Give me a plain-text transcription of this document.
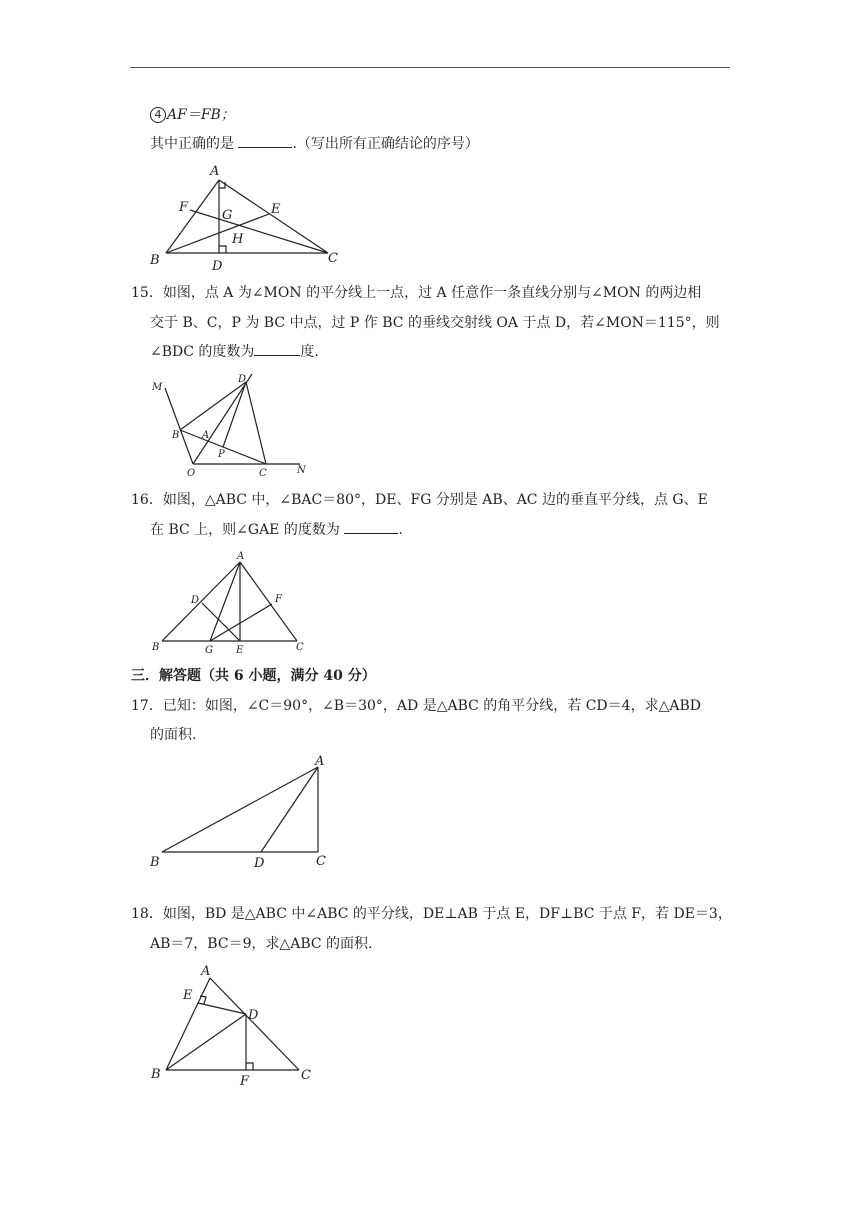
4 AF＝FB；
其中正确的是	.（写出所有正确结论的序号）
A
F
G	E
H
B	D
C
15．如图，点 A 为∠MON 的平分线上一点，过 A 任意作一条直线分别与∠MON 的两边相
交于 B、C，P 为 BC 中点，过 P 作 BC 的垂线交射线 OA 于点 D，若∠MON＝115°，则
∠BDC 的度数为	度.
M
D
B A
P
O	C	N
16．如图，△ABC 中，∠BAC＝80°，DE、FG 分别是 AB、AC 边的垂直平分线，点 G、E
在 BC 上，则∠GAE 的度数为	.
A
D	F
B	G E	C
三．解答题（共 6 小题，满分 40 分）
17．已知：如图，∠C＝90°，∠B＝30°，AD 是△ABC 的角平分线，若 CD＝4，求△ABD
的面积.
A
B	D	C
18．如图，BD 是△ABC 中∠ABC 的平分线，DE⊥AB 于点 E，DF⊥BC 于点 F，若 DE＝3，
AB＝7，BC＝9，求△ABC 的面积.
A
E
D
B	F	C
